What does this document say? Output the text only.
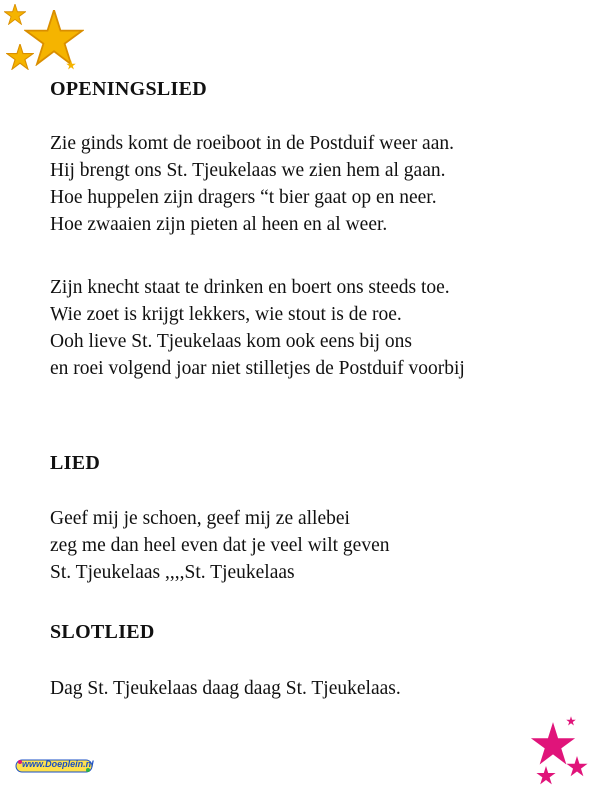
OPENINGSLIED
Zie ginds komt de roeiboot in de Postduif weer aan.
Hij brengt ons St. Tjeukelaas we zien hem al gaan.
Hoe huppelen zijn dragers “t bier gaat op en neer.
Hoe zwaaien zijn pieten al heen en al weer.
Zijn knecht staat te drinken en boert ons steeds toe.
Wie zoet is krijgt lekkers, wie stout is de roe.
Ooh lieve St. Tjeukelaas kom ook eens bij ons
en roei volgend joar niet stilletjes de Postduif voorbij
LIED
Geef mij je schoen, geef mij ze allebei
zeg me dan heel even dat je veel wilt geven
St. Tjeukelaas ,,,,St. Tjeukelaas
SLOTLIED
Dag St. Tjeukelaas daag daag St. Tjeukelaas.
www.Doeplein.nl
